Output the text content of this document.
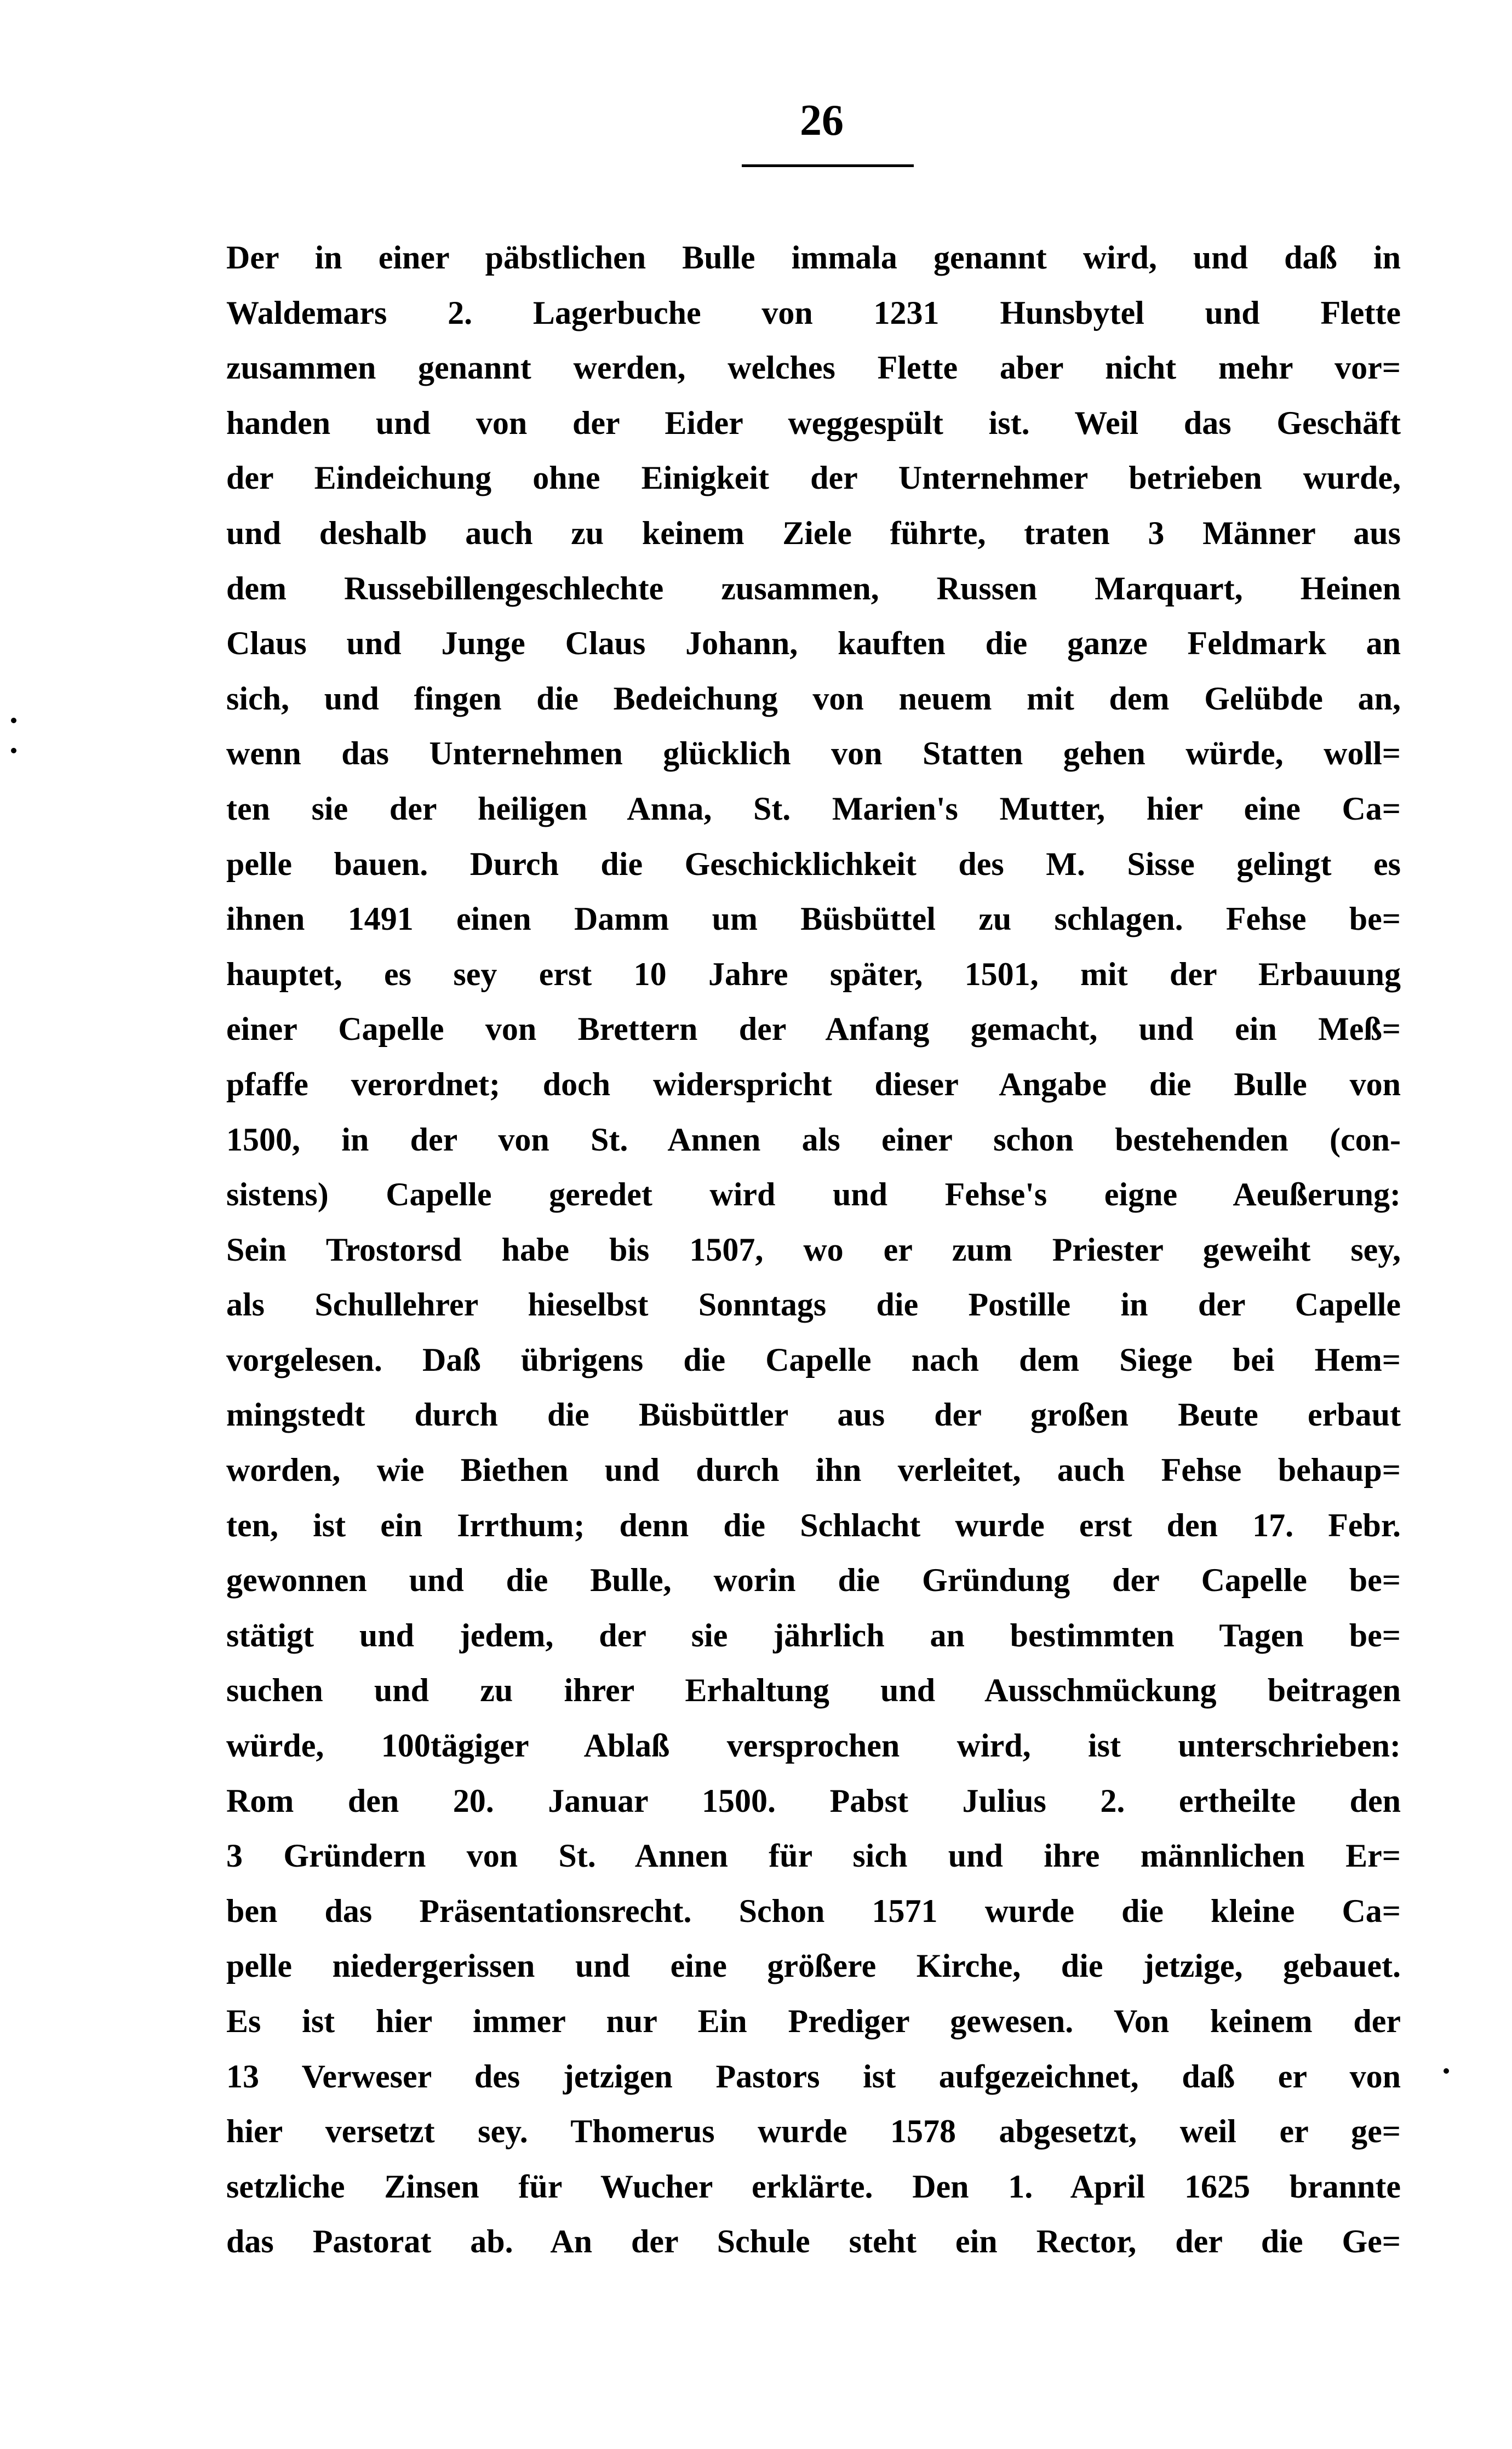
26
Der in einer päbstlichen Bulle immala genannt wird, und daß in
Waldemars 2. Lagerbuche von 1231 Hunsbytel und Flette
zusammen genannt werden, welches Flette aber nicht mehr vor=
handen und von der Eider weggespült ist. Weil das Geschäft
der Eindeichung ohne Einigkeit der Unternehmer betrieben wurde,
und deshalb auch zu keinem Ziele führte, traten 3 Männer aus
dem Russebillengeschlechte zusammen, Russen Marquart, Heinen
Claus und Junge Claus Johann, kauften die ganze Feldmark an
sich, und fingen die Bedeichung von neuem mit dem Gelübde an,
wenn das Unternehmen glücklich von Statten gehen würde, woll=
ten sie der heiligen Anna, St. Marien's Mutter, hier eine Ca=
pelle bauen. Durch die Geschicklichkeit des M. Sisse gelingt es
ihnen 1491 einen Damm um Büsbüttel zu schlagen. Fehse be=
hauptet, es sey erst 10 Jahre später, 1501, mit der Erbauung
einer Capelle von Brettern der Anfang gemacht, und ein Meß=
pfaffe verordnet; doch widerspricht dieser Angabe die Bulle von
1500, in der von St. Annen als einer schon bestehenden (con-
sistens) Capelle geredet wird und Fehse's eigne Aeußerung:
Sein Trostorsd habe bis 1507, wo er zum Priester geweiht sey,
als Schullehrer hieselbst Sonntags die Postille in der Capelle
vorgelesen. Daß übrigens die Capelle nach dem Siege bei Hem=
mingstedt durch die Büsbüttler aus der großen Beute erbaut
worden, wie Biethen und durch ihn verleitet, auch Fehse behaup=
ten, ist ein Irrthum; denn die Schlacht wurde erst den 17. Febr.
gewonnen und die Bulle, worin die Gründung der Capelle be=
stätigt und jedem, der sie jährlich an bestimmten Tagen be=
suchen und zu ihrer Erhaltung und Ausschmückung beitragen
würde, 100tägiger Ablaß versprochen wird, ist unterschrieben:
Rom den 20. Januar 1500. Pabst Julius 2. ertheilte den
3 Gründern von St. Annen für sich und ihre männlichen Er=
ben das Präsentationsrecht. Schon 1571 wurde die kleine Ca=
pelle niedergerissen und eine größere Kirche, die jetzige, gebauet.
Es ist hier immer nur Ein Prediger gewesen. Von keinem der
13 Verweser des jetzigen Pastors ist aufgezeichnet, daß er von
hier versetzt sey. Thomerus wurde 1578 abgesetzt, weil er ge=
setzliche Zinsen für Wucher erklärte. Den 1. April 1625 brannte
das Pastorat ab. An der Schule steht ein Rector, der die Ge=
